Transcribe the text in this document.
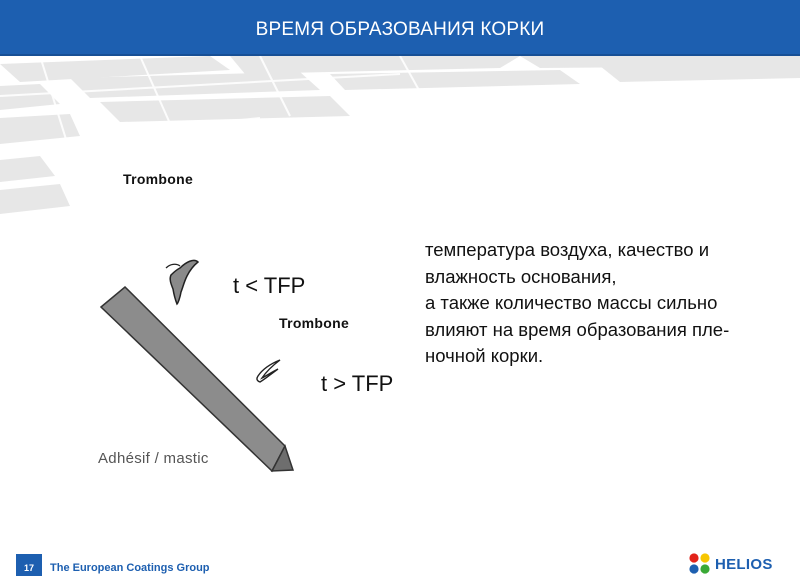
ВРЕМЯ ОБРАЗОВАНИЯ КОРКИ
Trombone
t < TFP
Trombone
t > TFP
Adhésif / mastic
температура воздуха, качество и
влажность основания,
а также количество массы сильно
влияют на время образования пле-
ночной корки.
17	The European Coatings Group	HELIOS
